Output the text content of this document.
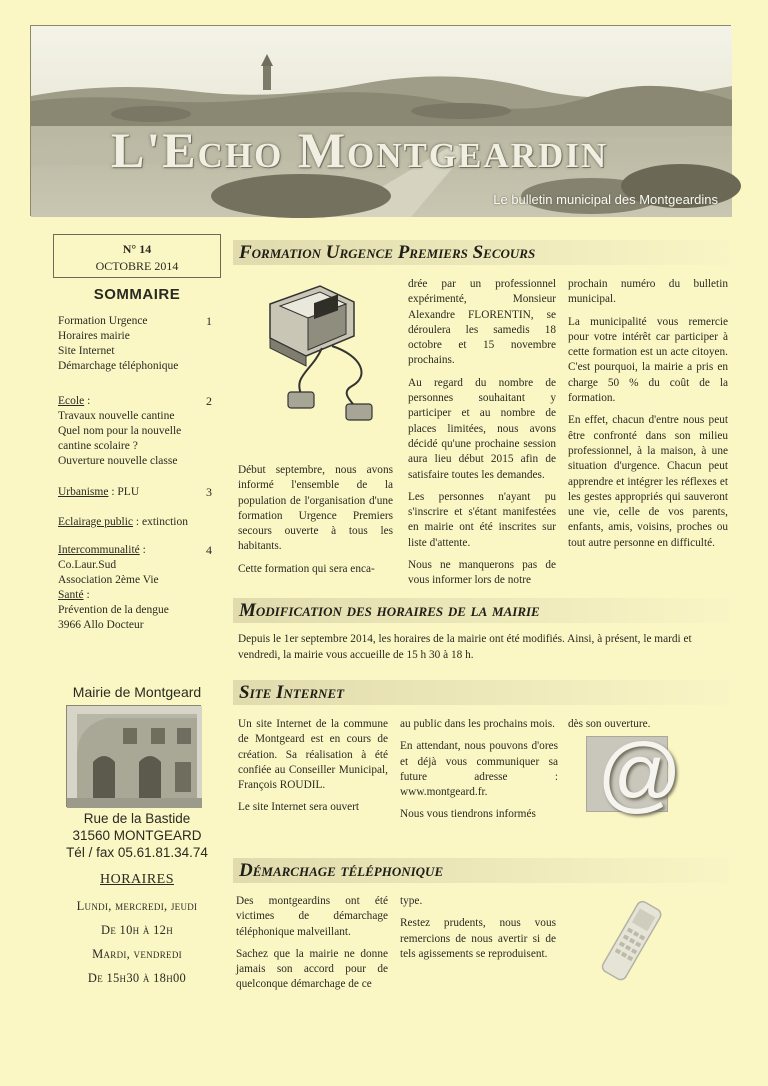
L'Echo Montgeardin
Le bulletin municipal des Montgeardins
N° 14
OCTOBRE 2014
SOMMAIRE
Formation Urgence
Horaires mairie
Site Internet
Démarchage téléphonique
1
Ecole :
Travaux nouvelle cantine
Quel nom pour la nouvelle
cantine scolaire ?
Ouverture nouvelle classe
2
Urbanisme : PLU	3
Eclairage public : extinction
Intercommunalité :
Co.Laur.Sud
Association 2ème Vie
Santé :
Prévention de la dengue
3966 Allo Docteur
4
Mairie de Montgeard
Rue de la Bastide
31560 MONTGEARD
Tél / fax 05.61.81.34.74
HORAIRES
Lundi, mercredi, jeudi
De 10h à 12h
Mardi, vendredi
De 15h30 à 18h00
Formation Urgence Premiers Secours

Début septembre, nous avons informé l'ensemble de la population de l'organisation d'une formation Urgence Premiers secours ouverte à tous les habitants.

Cette formation qui sera enca-

drée par un professionnel expérimenté, Monsieur Alexandre FLORENTIN, se déroulera les samedis 18 octobre et 15 novembre prochains.

Au regard du nombre de personnes souhaitant y participer et au nombre de places limitées, nous avons décidé qu'une prochaine session aura lieu début 2015 afin de satisfaire toutes les demandes.

Les personnes n'ayant pu s'inscrire et s'étant manifestées en mairie ont été inscrites sur liste d'attente.

Nous ne manquerons pas de vous informer lors de notre

prochain numéro du bulletin municipal.

La municipalité vous remercie pour votre intérêt car participer à cette formation est un acte citoyen. C'est pourquoi, la mairie a pris en charge 50 % du coût de la formation.

En effet, chacun d'entre nous peut être confronté dans son milieu professionnel, à la maison, à une situation d'urgence. Chacun peut apprendre et intégrer les réflexes et les gestes appropriés qui sauveront une vie, celle de vos parents, enfants, amis, voisins, proches ou tout autre personne en difficulté.

Modification des horaires de la mairie
Depuis le 1er septembre 2014, les horaires de la mairie ont été modifiés. Ainsi, à présent, le mardi et vendredi, la mairie vous accueille de 15 h 30 à 18 h.
Site Internet

Un site Internet de la commune de Montgeard est en cours de création. Sa réalisation à été confiée au Conseiller Municipal, François ROUDIL.

Le site Internet sera ouvert

au public dans les prochains mois.

En attendant, nous pouvons d'ores et déjà vous communiquer sa future adresse : www.montgeard.fr.

Nous vous tiendrons informés

dès son ouverture.

@
Démarchage téléphonique

Des montgeardins ont été victimes de démarchage téléphonique malveillant.

Sachez que la mairie ne donne jamais son accord pour de quelconque démarchage de ce

type.

Restez prudents, nous vous remercions de nous avertir si de tels agissements se reproduisent.
